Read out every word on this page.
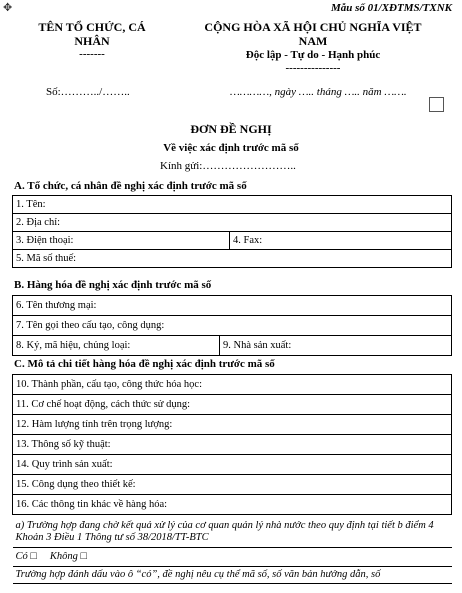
✥	Mẫu số 01/XĐTMS/TXNK
TÊN TỔ CHỨC, CÁ
NHÂN
-------
CỘNG HÒA XÃ HỘI CHỦ NGHĨA VIỆT
NAM
Độc lập - Tự do - Hạnh phúc
---------------
Số:………../……..	…………, ngày ….. tháng ….. năm …….
ĐƠN ĐỀ NGHỊ
Về việc xác định trước mã số
Kính gửi:……………………..
A. Tổ chức, cá nhân đề nghị xác định trước mã số
1. Tên:
2. Địa chỉ:
3. Điện thoại:	4. Fax:
5. Mã số thuế:
B. Hàng hóa đề nghị xác định trước mã số
6. Tên thương mại:
7. Tên gọi theo cấu tạo, công dụng:
8. Ký, mã hiệu, chủng loại:	9. Nhà sản xuất:
C. Mô tả chi tiết hàng hóa đề nghị xác định trước mã số
10. Thành phần, cấu tạo, công thức hóa học:
11. Cơ chế hoạt động, cách thức sử dụng:
12. Hàm lượng tính trên trọng lượng:
13. Thông số kỹ thuật:
14. Quy trình sản xuất:
15. Công dụng theo thiết kế:
16. Các thông tin khác về hàng hóa:
a) Trường hợp đang chờ kết quả xử lý của cơ quan quản lý nhà nước theo quy định tại tiết b điểm 4 Khoản 3 Điều 1 Thông tư số 38/2018/TT-BTC
Có □ Không □
Trường hợp đánh dấu vào ô “có”, đề nghị nêu cụ thể mã số, số văn bản hướng dẫn, số
